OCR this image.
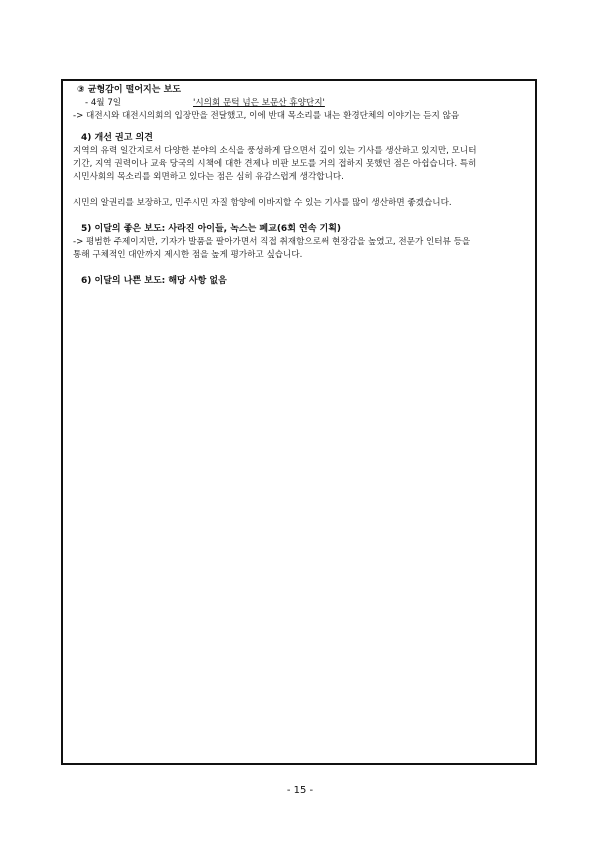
③ 균형감이 떨어지는 보도

- 4월 7일	'시의회 문턱 넘은 보문산 휴양단지'

-> 대전시와 대전시의회의 입장만을 전달했고, 이에 반대 목소리를 내는 환경단체의 이야기는 듣지 않음

4) 개선 권고 의견

지역의 유력 일간지로서 다양한 분야의 소식을 풍성하게 담으면서 깊이 있는 기사를 생산하고 있지만, 모니터

기간, 지역 권력이나 교육 당국의 시책에 대한 견제나 비판 보도를 거의 접하지 못했던 점은 아쉽습니다. 특히

시민사회의 목소리를 외면하고 있다는 점은 심히 유감스럽게 생각합니다.

시민의 알권리를 보장하고, 민주시민 자질 함양에 이바지할 수 있는 기사를 많이 생산하면 좋겠습니다.

5) 이달의 좋은 보도: 사라진 아이들, 녹스는 폐교(6회 연속 기획)

-> 평범한 주제이지만, 기자가 발품을 팔아가면서 직접 취재함으로써 현장감을 높였고, 전문가 인터뷰 등을

통해 구체적인 대안까지 제시한 점을 높게 평가하고 싶습니다.

6) 이달의 나쁜 보도: 해당 사항 없음

- 15 -
